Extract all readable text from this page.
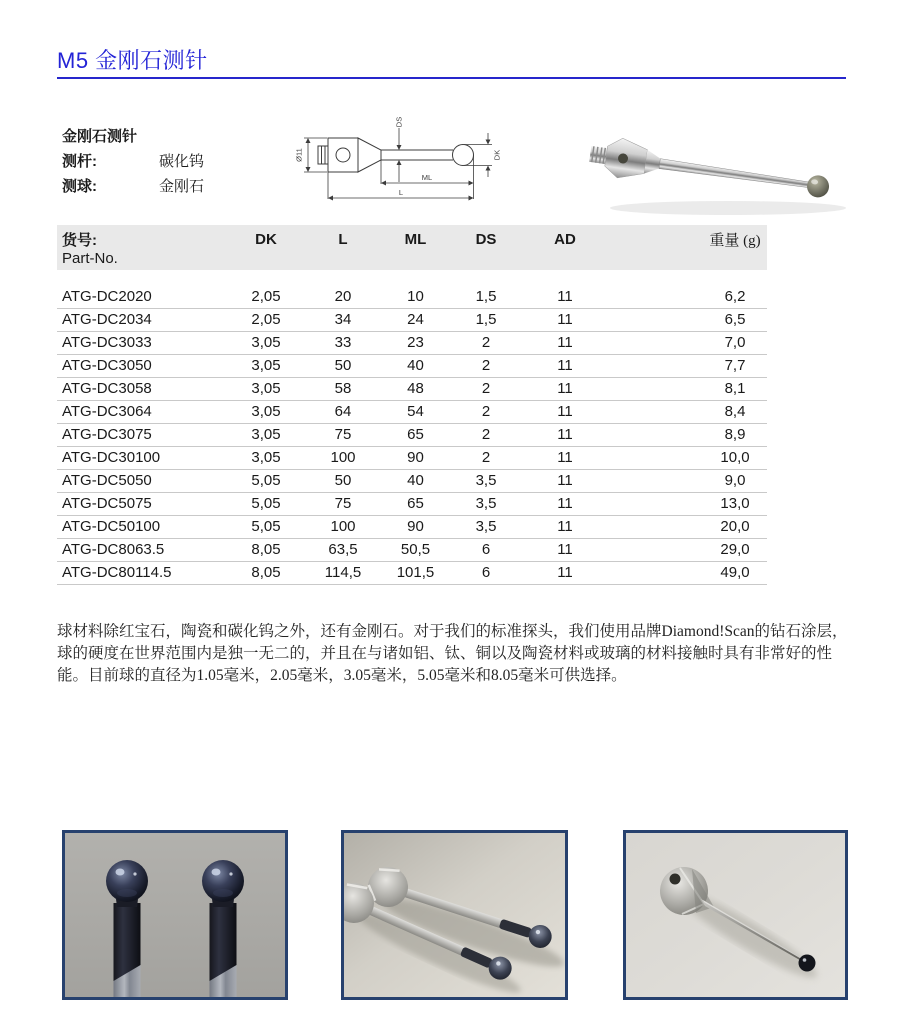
M5 金刚石测针
金刚石测针
测杆:	碳化钨
测球:	金刚石
Ø11
DS
DK
ML
L
货号:	DK	L	ML	DS	AD	重量 (g)
Part-No.						

ATG-DC2020	2,05	20	10	1,5	11	6,2
ATG-DC2034	2,05	34	24	1,5	11	6,5
ATG-DC3033	3,05	33	23	2	11	7,0
ATG-DC3050	3,05	50	40	2	11	7,7
ATG-DC3058	3,05	58	48	2	11	8,1
ATG-DC3064	3,05	64	54	2	11	8,4
ATG-DC3075	3,05	75	65	2	11	8,9
ATG-DC30100	3,05	100	90	2	11	10,0
ATG-DC5050	5,05	50	40	3,5	11	9,0
ATG-DC5075	5,05	75	65	3,5	11	13,0
ATG-DC50100	5,05	100	90	3,5	11	20,0
ATG-DC8063.5	8,05	63,5	50,5	6	11	29,0
ATG-DC80114.5	8,05	114,5	101,5	6	11	49,0

球材料除红宝石，陶瓷和碳化钨之外，还有金刚石。对于我们的标准探头，我们使用品牌Diamond!Scan的钻石涂层，球的硬度在世界范围内是独一无二的，并且在与诸如铝、钛、铜以及陶瓷材料或玻璃的材料接触时具有非常好的性能。目前球的直径为1.05毫米，2.05毫米，3.05毫米，5.05毫米和8.05毫米可供选择。
